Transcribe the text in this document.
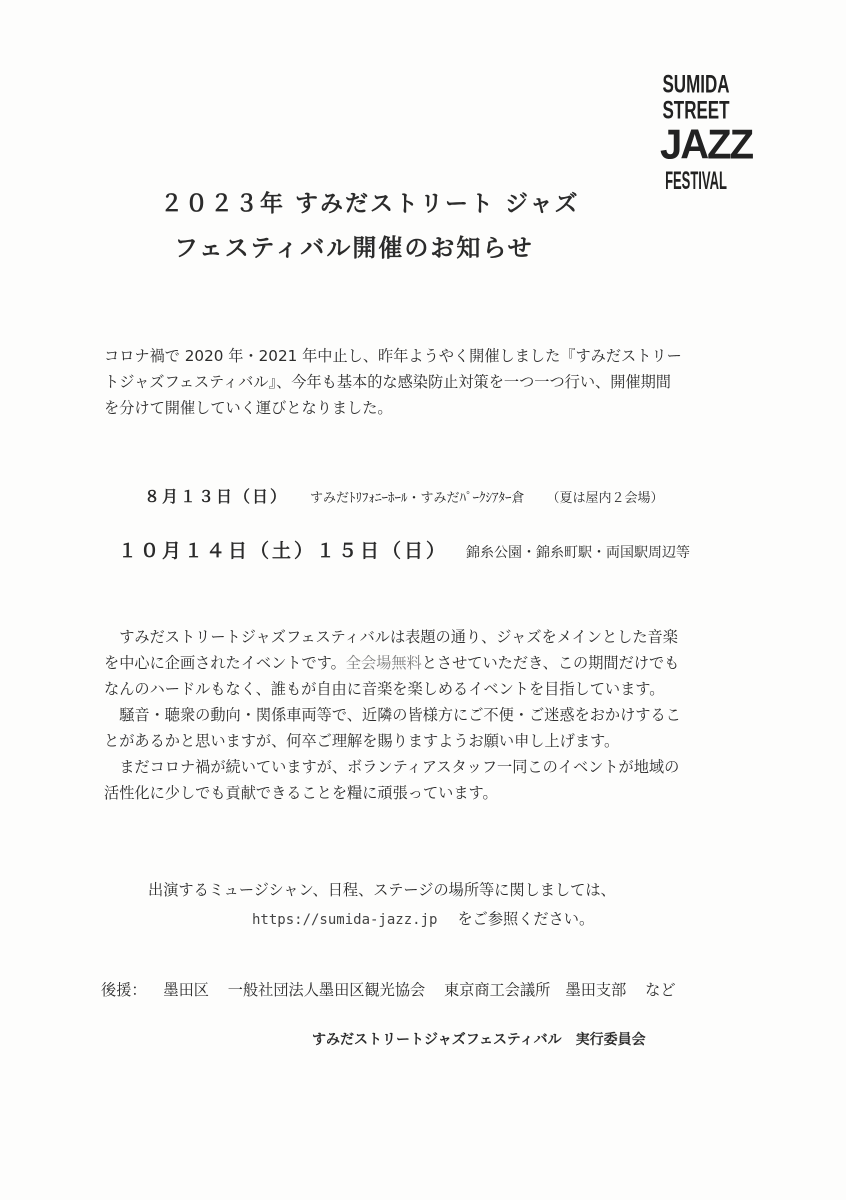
SUMIDA
STREET
JAZZ
FESTIVAL
２０２３年 すみだストリート ジャズ
フェスティバル開催のお知らせ
コロナ禍で 2020 年・2021 年中止し、昨年ようやく開催しました『すみだストリー
トジャズフェスティバル』、今年も基本的な感染防止対策を一つ一つ行い、開催期間
を分けて開催していく運びとなりました。
８月１３日（日） すみだﾄﾘﾌｫﾆｰﾎｰﾙ・すみだﾊﾟｰｸｼｱﾀｰ倉 （夏は屋内２会場）
１０月１４日（土）１５日（日） 錦糸公園・錦糸町駅・両国駅周辺等
　すみだストリートジャズフェスティバルは表題の通り、ジャズをメインとした音楽
を中心に企画されたイベントです。全会場無料とさせていただき、この期間だけでも
なんのハードルもなく、誰もが自由に音楽を楽しめるイベントを目指しています。
　騒音・聴衆の動向・関係車両等で、近隣の皆様方にご不便・ご迷惑をおかけするこ
とがあるかと思いますが、何卒ご理解を賜りますようお願い申し上げます。
　まだコロナ禍が続いていますが、ボランティアスタッフ一同このイベントが地域の
活性化に少しでも貢献できることを糧に頑張っています。
出演するミュージシャン、日程、ステージの場所等に関しましては、
https://sumida-jazz.jp をご参照ください。
後援： 墨田区 一般社団法人墨田区観光協会 東京商工会議所　墨田支部 など
すみだストリートジャズフェスティバル 実行委員会
